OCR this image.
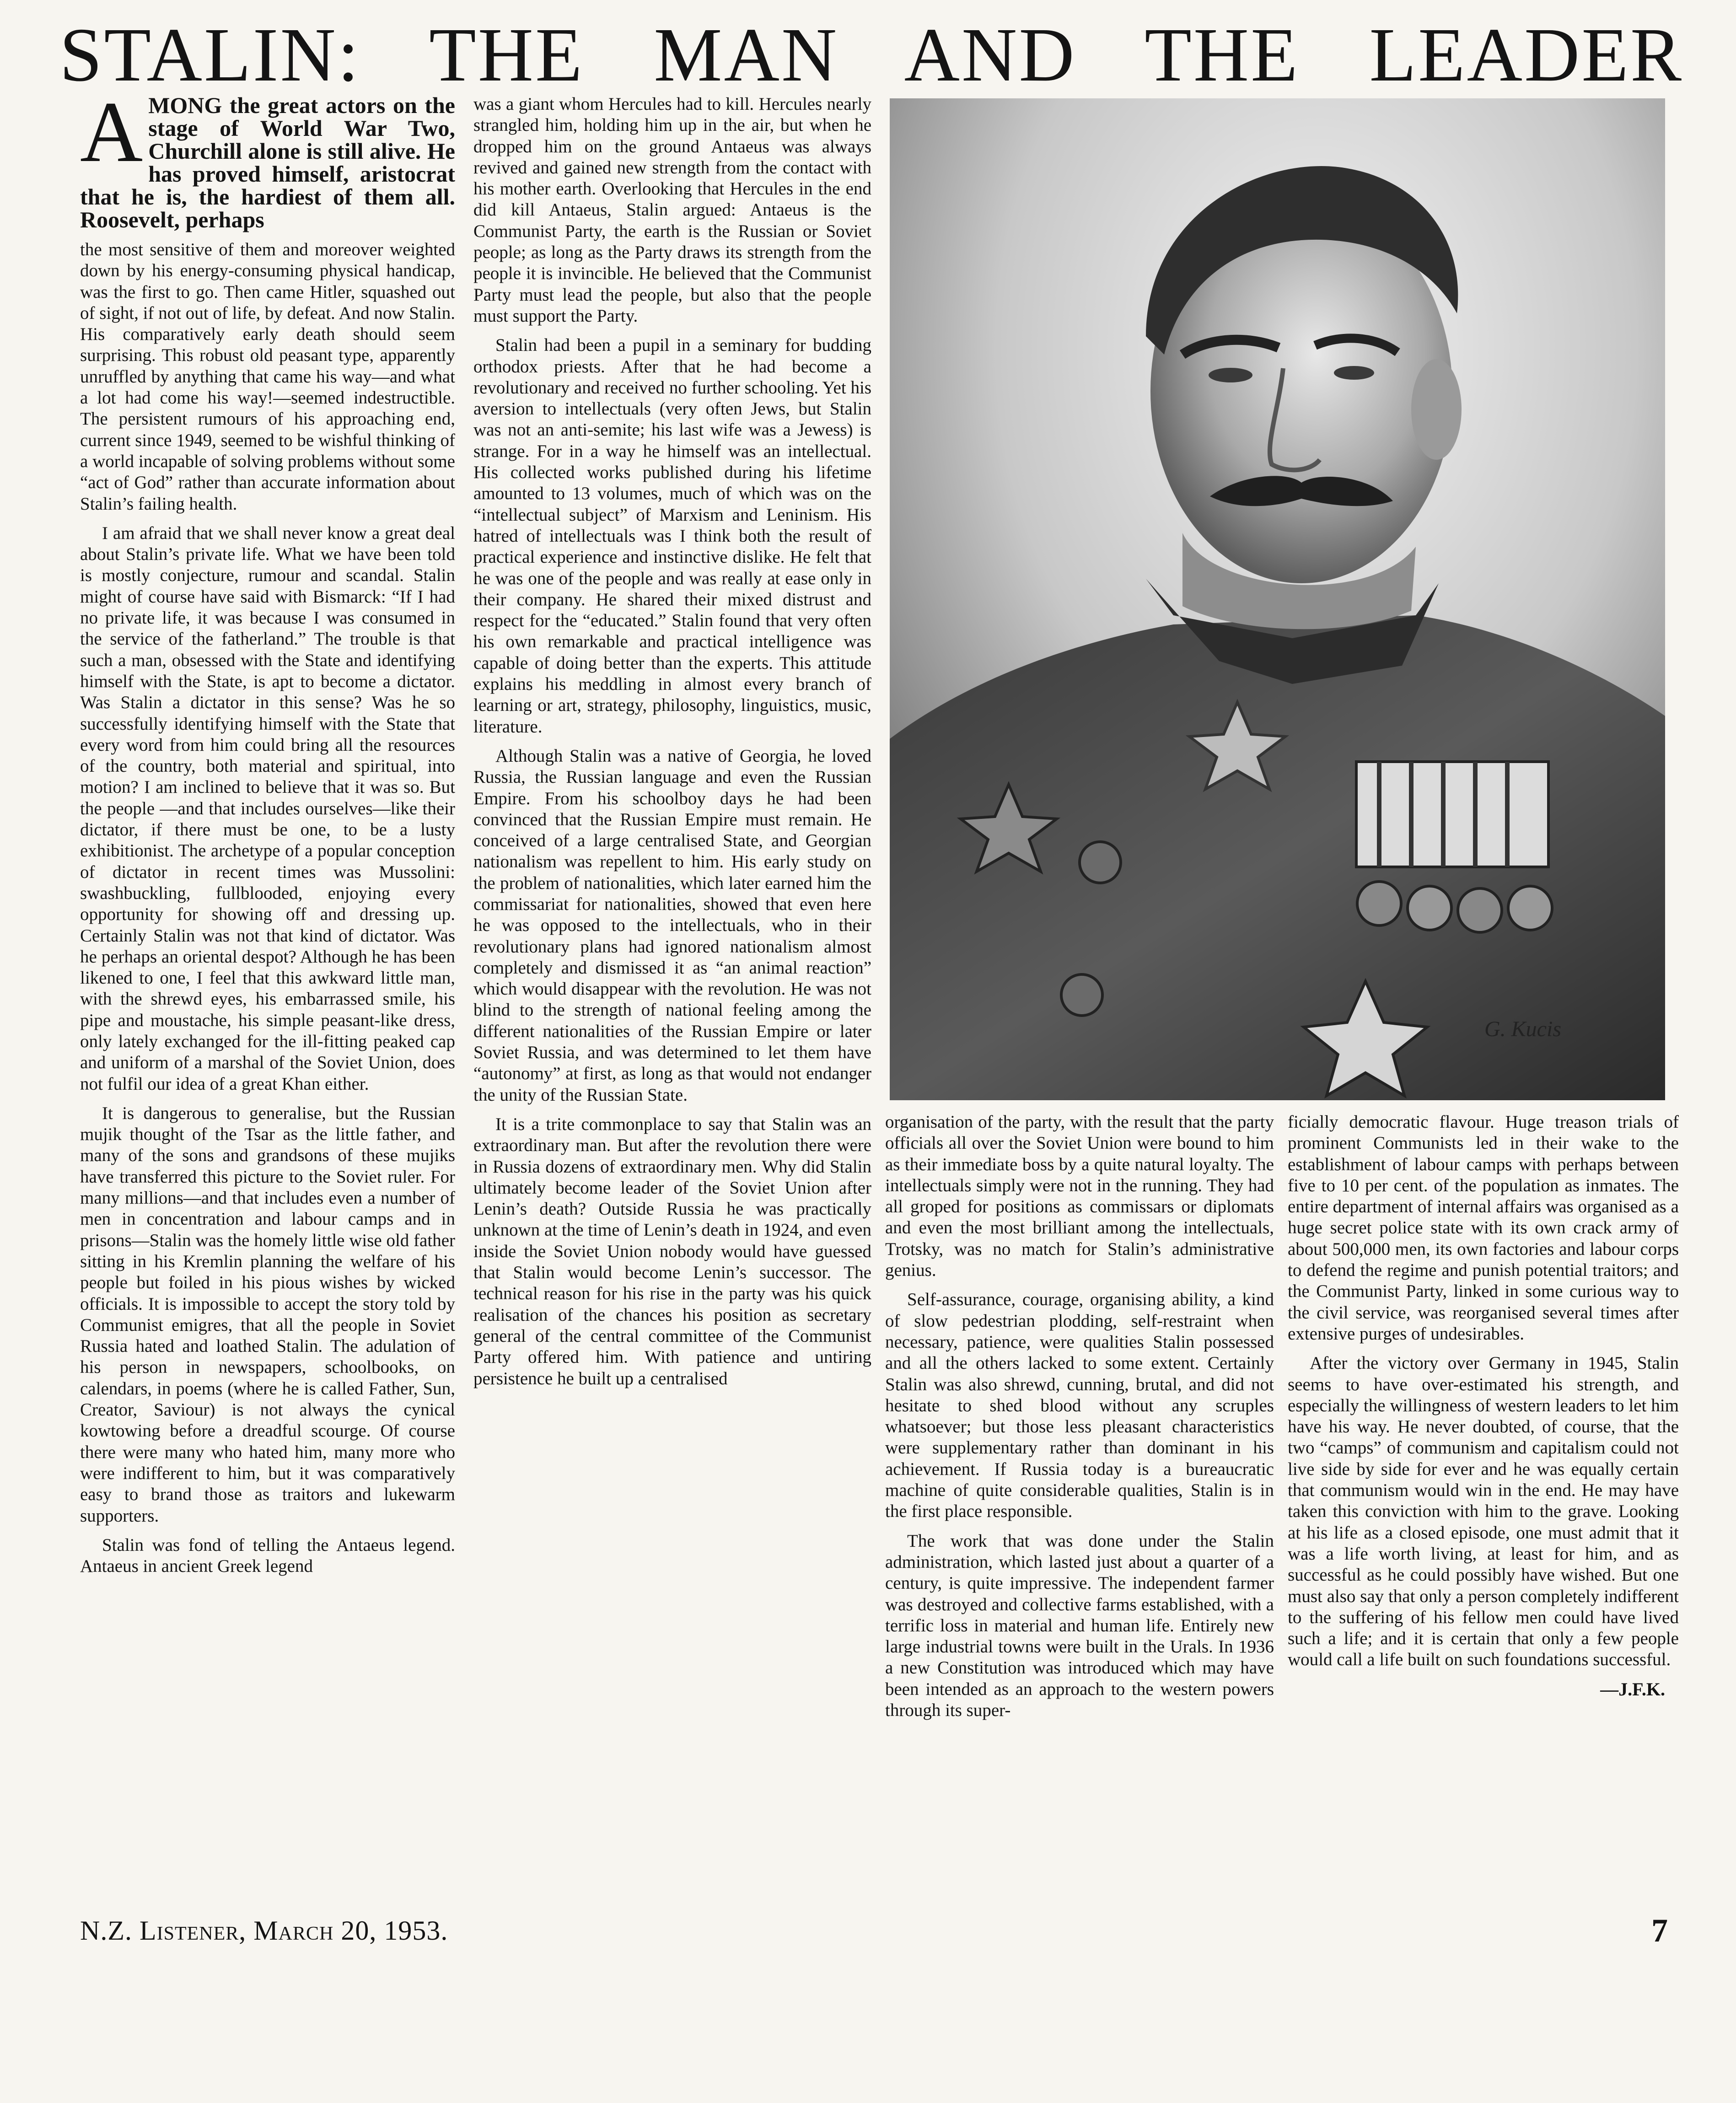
STALIN: THE MAN AND THE LEADER

AMONG the great actors on the stage of World War Two, Churchill alone is still alive. He has proved himself, aristocrat that he is, the hardiest of them all. Roosevelt, perhaps

the most sensitive of them and moreover weighted down by his energy-consuming physical handicap, was the first to go. Then came Hitler, squashed out of sight, if not out of life, by defeat. And now Stalin. His comparatively early death should seem surprising. This robust old peasant type, apparently unruffled by anything that came his way—and what a lot had come his way!—seemed indestructible. The persistent rumours of his approaching end, current since 1949, seemed to be wishful thinking of a world incapable of solving problems without some “act of God” rather than accurate information about Stalin’s failing health.

I am afraid that we shall never know a great deal about Stalin’s private life. What we have been told is mostly conjecture, rumour and scandal. Stalin might of course have said with Bismarck: “If I had no private life, it was because I was consumed in the service of the fatherland.” The trouble is that such a man, obsessed with the State and identifying himself with the State, is apt to become a dictator. Was Stalin a dictator in this sense? Was he so successfully identifying himself with the State that every word from him could bring all the resources of the country, both material and spiritual, into motion? I am inclined to believe that it was so. But the people —and that includes ourselves—like their dictator, if there must be one, to be a lusty exhibitionist. The archetype of a popular conception of dictator in recent times was Mussolini: swashbuckling, fullblooded, enjoying every opportunity for showing off and dressing up. Certainly Stalin was not that kind of dictator. Was he perhaps an oriental despot? Although he has been likened to one, I feel that this awkward little man, with the shrewd eyes, his embarrassed smile, his pipe and moustache, his simple peasant-like dress, only lately exchanged for the ill-fitting peaked cap and uniform of a marshal of the Soviet Union, does not fulfil our idea of a great Khan either.

It is dangerous to generalise, but the Russian mujik thought of the Tsar as the little father, and many of the sons and grandsons of these mujiks have transferred this picture to the Soviet ruler. For many millions—and that includes even a number of men in concentration and labour camps and in prisons—Stalin was the homely little wise old father sitting in his Kremlin planning the welfare of his people but foiled in his pious wishes by wicked officials. It is impossible to accept the story told by Communist emigres, that all the people in Soviet Russia hated and loathed Stalin. The adulation of his person in newspapers, schoolbooks, on calendars, in poems (where he is called Father, Sun, Creator, Saviour) is not always the cynical kowtowing before a dreadful scourge. Of course there were many who hated him, many more who were indifferent to him, but it was comparatively easy to brand those as traitors and lukewarm supporters.

Stalin was fond of telling the Antaeus legend. Antaeus in ancient Greek legend

was a giant whom Hercules had to kill. Hercules nearly strangled him, holding him up in the air, but when he dropped him on the ground Antaeus was always revived and gained new strength from the contact with his mother earth. Overlooking that Hercules in the end did kill Antaeus, Stalin argued: Antaeus is the Communist Party, the earth is the Russian or Soviet people; as long as the Party draws its strength from the people it is invincible. He believed that the Communist Party must lead the people, but also that the people must support the Party.

Stalin had been a pupil in a seminary for budding orthodox priests. After that he had become a revolutionary and received no further schooling. Yet his aversion to intellectuals (very often Jews, but Stalin was not an anti-semite; his last wife was a Jewess) is strange. For in a way he himself was an intellectual. His collected works published during his lifetime amounted to 13 volumes, much of which was on the “intellectual subject” of Marxism and Leninism. His hatred of intellectuals was I think both the result of practical experience and instinctive dislike. He felt that he was one of the people and was really at ease only in their company. He shared their mixed distrust and respect for the “educated.” Stalin found that very often his own remarkable and practical intelligence was capable of doing better than the experts. This attitude explains his meddling in almost every branch of learning or art, strategy, philosophy, linguistics, music, literature.

Although Stalin was a native of Georgia, he loved Russia, the Russian language and even the Russian Empire. From his schoolboy days he had been convinced that the Russian Empire must remain. He conceived of a large centralised State, and Georgian nationalism was repellent to him. His early study on the problem of nationalities, which later earned him the commissariat for nationalities, showed that even here he was opposed to the intellectuals, who in their revolutionary plans had ignored nationalism almost completely and dismissed it as “an animal reaction” which would disappear with the revolution. He was not blind to the strength of national feeling among the different nationalities of the Russian Empire or later Soviet Russia, and was determined to let them have “autonomy” at first, as long as that would not endanger the unity of the Russian State.

It is a trite commonplace to say that Stalin was an extraordinary man. But after the revolution there were in Russia dozens of extraordinary men. Why did Stalin ultimately become leader of the Soviet Union after Lenin’s death? Outside Russia he was practically unknown at the time of Lenin’s death in 1924, and even inside the Soviet Union nobody would have guessed that Stalin would become Lenin’s successor. The technical reason for his rise in the party was his quick realisation of the chances his position as secretary general of the central committee of the Communist Party offered him. With patience and untiring persistence he built up a centralised

G. Kucis

organisation of the party, with the result that the party officials all over the Soviet Union were bound to him as their immediate boss by a quite natural loyalty. The intellectuals simply were not in the running. They had all groped for positions as commissars or diplomats and even the most brilliant among the intellectuals, Trotsky, was no match for Stalin’s administrative genius.

Self-assurance, courage, organising ability, a kind of slow pedestrian plodding, self-restraint when necessary, patience, were qualities Stalin possessed and all the others lacked to some extent. Certainly Stalin was also shrewd, cunning, brutal, and did not hesitate to shed blood without any scruples whatsoever; but those less pleasant characteristics were supplementary rather than dominant in his achievement. If Russia today is a bureaucratic machine of quite considerable qualities, Stalin is in the first place responsible.

The work that was done under the Stalin administration, which lasted just about a quarter of a century, is quite impressive. The independent farmer was destroyed and collective farms established, with a terrific loss in material and human life. Entirely new large industrial towns were built in the Urals. In 1936 a new Constitution was introduced which may have been intended as an approach to the western powers through its super-

ficially democratic flavour. Huge treason trials of prominent Communists led in their wake to the establishment of labour camps with perhaps between five to 10 per cent. of the population as inmates. The entire department of internal affairs was organised as a huge secret police state with its own crack army of about 500,000 men, its own factories and labour corps to defend the regime and punish potential traitors; and the Communist Party, linked in some curious way to the civil service, was reorganised several times after extensive purges of undesirables.

After the victory over Germany in 1945, Stalin seems to have over-estimated his strength, and especially the willingness of western leaders to let him have his way. He never doubted, of course, that the two “camps” of communism and capitalism could not live side by side for ever and he was equally certain that communism would win in the end. He may have taken this conviction with him to the grave. Looking at his life as a closed episode, one must admit that it was a life worth living, at least for him, and as successful as he could possibly have wished. But one must also say that only a person completely indifferent to the suffering of his fellow men could have lived such a life; and it is certain that only a few people would call a life built on such foundations successful.

—J.F.K.
N.Z. Listener, March 20, 1953.	7
